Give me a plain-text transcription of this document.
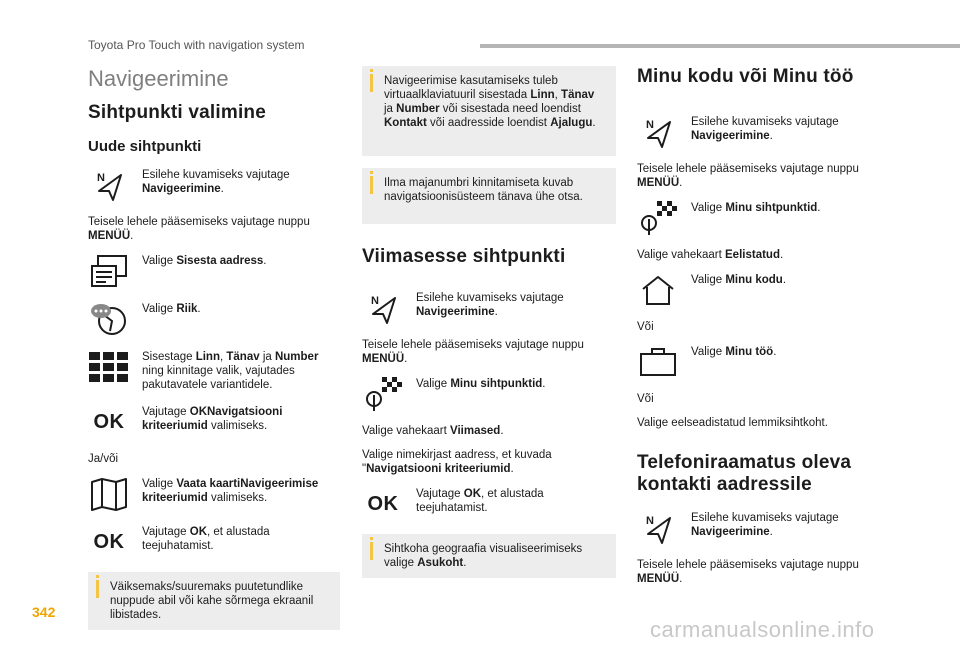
Toyota Pro Touch with navigation system
Navigeerimine
Sihtpunkti valimine
Uude sihtpunkti
N	Esilehe kuvamiseks vajutage Navigeerimine.
Teisele lehele pääsemiseks vajutage nuppu MENÜÜ.
Valige Sisesta aadress.
Valige Riik.
Sisestage Linn, Tänav ja Number ning kinnitage valik, vajutades pakutavatele variantidele.
OK Vajutage OKNavigatsiooni kriteeriumid valimiseks.
Ja/või
Valige Vaata kaartiNavigeerimise kriteeriumid valimiseks.
OK Vajutage OK, et alustada teejuhatamist.
Väiksemaks/suuremaks puutetundlike nuppude abil või kahe sõrmega ekraanil libistades.
Navigeerimise kasutamiseks tuleb virtuaalklaviatuuril sisestada Linn, Tänav ja Number või sisestada need loendist Kontakt või aadresside loendist Ajalugu.
Ilma majanumbri kinnitamiseta kuvab navigatsioonisüsteem tänava ühe otsa.
Viimasesse sihtpunkti
N	Esilehe kuvamiseks vajutage Navigeerimine.
Teisele lehele pääsemiseks vajutage nuppu MENÜÜ.
Valige Minu sihtpunktid.
Valige vahekaart Viimased.
Valige nimekirjast aadress, et kuvada "Navigatsiooni kriteeriumid.
OK Vajutage OK, et alustada teejuhatamist.
Sihtkoha geograafia visualiseerimiseks valige Asukoht.
Minu kodu või Minu töö
N	Esilehe kuvamiseks vajutage Navigeerimine.
Teisele lehele pääsemiseks vajutage nuppu MENÜÜ.
Valige Minu sihtpunktid.
Valige vahekaart Eelistatud.
Valige Minu kodu.
Või
Valige Minu töö.
Või
Valige eelseadistatud lemmiksihtkoht.
Telefoniraamatus oleva kontakti aadressile
N	Esilehe kuvamiseks vajutage Navigeerimine.
Teisele lehele pääsemiseks vajutage nuppu MENÜÜ.
342
carmanualsonline.info
